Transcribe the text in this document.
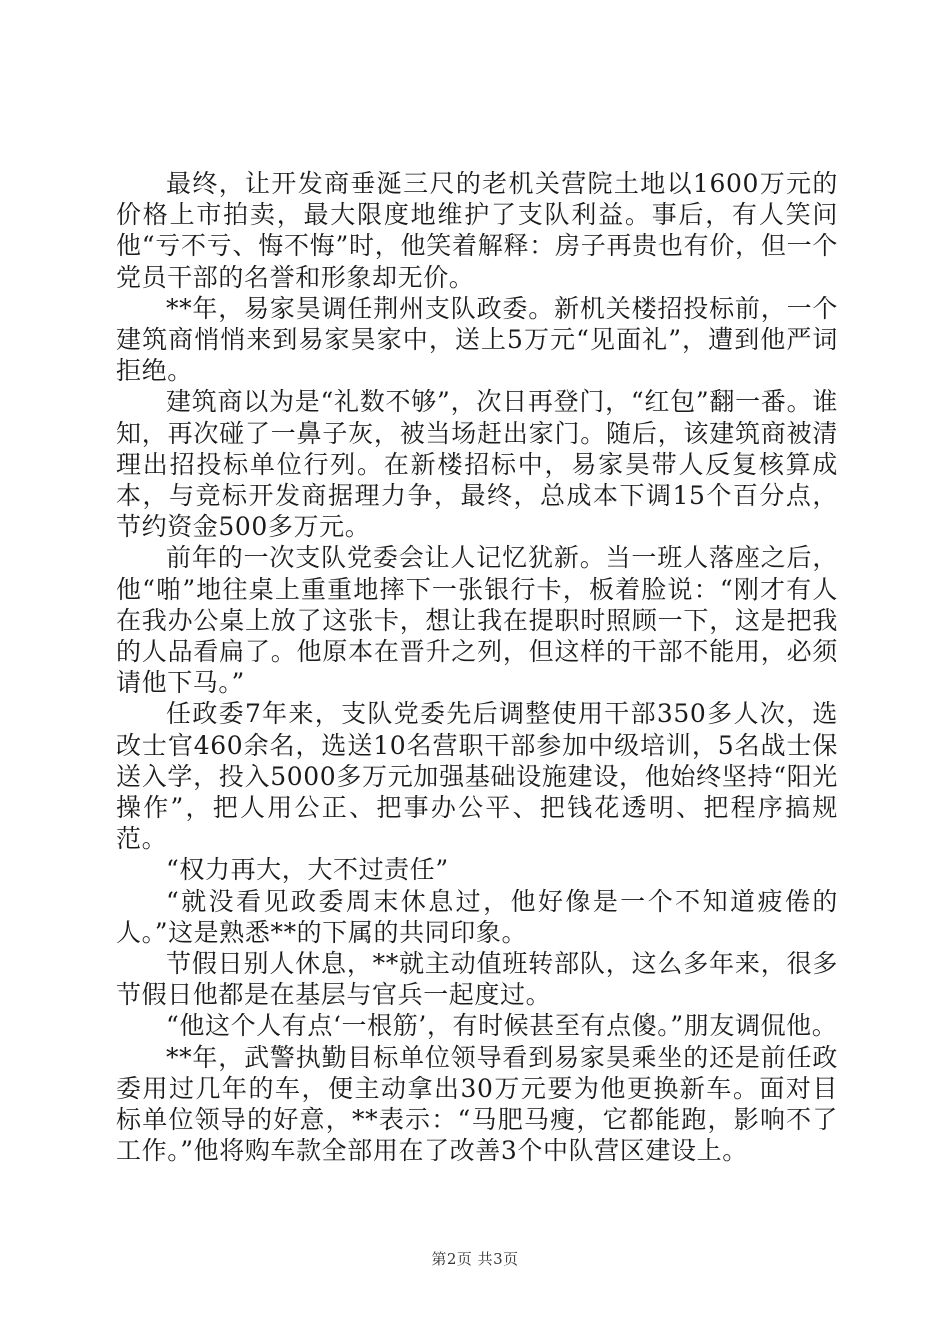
最终，让开发商垂涎三尺的老机关营院土地以1600万元的价格上市拍卖，最大限度地维护了支队利益。事后，有人笑问他“亏不亏、悔不悔”时，他笑着解释：房子再贵也有价，但一个党员干部的名誉和形象却无价。

**年，易家昊调任荆州支队政委。新机关楼招投标前，一个建筑商悄悄来到易家昊家中，送上5万元“见面礼”，遭到他严词拒绝。

建筑商以为是“礼数不够”，次日再登门，“红包”翻一番。谁知，再次碰了一鼻子灰，被当场赶出家门。随后，该建筑商被清理出招投标单位行列。在新楼招标中，易家昊带人反复核算成本，与竞标开发商据理力争，最终，总成本下调15个百分点，节约资金500多万元。

前年的一次支队党委会让人记忆犹新。当一班人落座之后，他“啪”地往桌上重重地摔下一张银行卡，板着脸说：“刚才有人在我办公桌上放了这张卡，想让我在提职时照顾一下，这是把我的人品看扁了。他原本在晋升之列，但这样的干部不能用，必须请他下马。”

任政委7年来，支队党委先后调整使用干部350多人次，选改士官460余名，选送10名营职干部参加中级培训，5名战士保送入学，投入5000多万元加强基础设施建设，他始终坚持“阳光操作”，把人用公正、把事办公平、把钱花透明、把程序搞规范。

“权力再大，大不过责任”

“就没看见政委周末休息过，他好像是一个不知道疲倦的人。”这是熟悉**的下属的共同印象。

节假日别人休息，**就主动值班转部队，这么多年来，很多节假日他都是在基层与官兵一起度过。

“他这个人有点‘一根筋’，有时候甚至有点傻。”朋友调侃他。

**年，武警执勤目标单位领导看到易家昊乘坐的还是前任政委用过几年的车，便主动拿出30万元要为他更换新车。面对目标单位领导的好意，**表示：“马肥马瘦，它都能跑，影响不了工作。”他将购车款全部用在了改善3个中队营区建设上。

第2页 共3页
